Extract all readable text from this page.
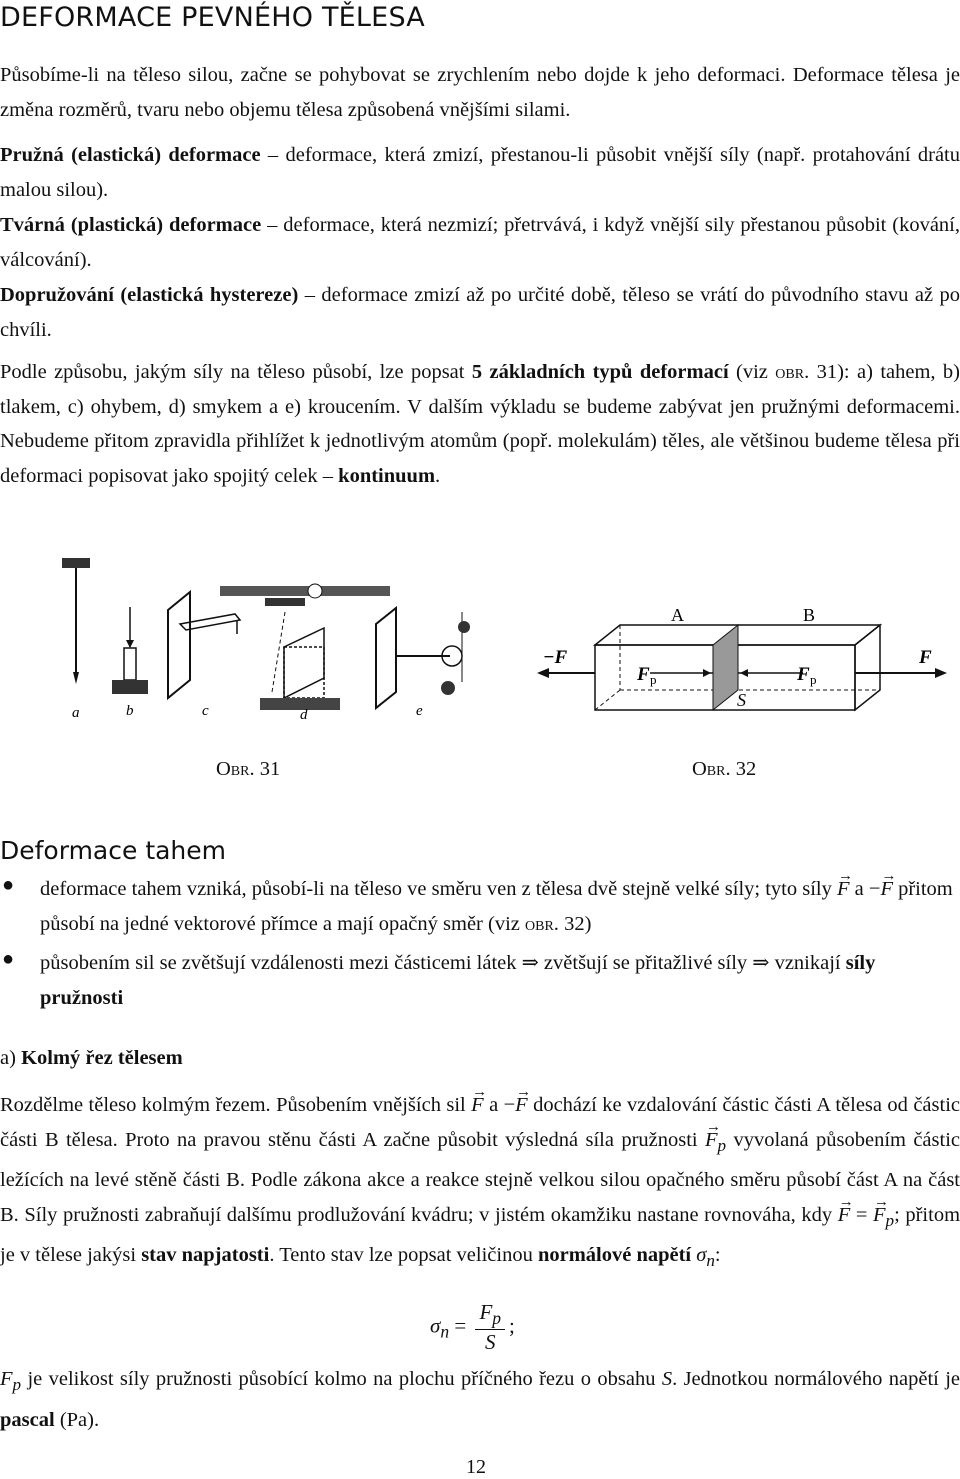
DEFORMACE PEVNÉHO TĚLESA
Působíme-li na těleso silou, začne se pohybovat se zrychlením nebo dojde k jeho deformaci. Deformace tělesa je změna rozměrů, tvaru nebo objemu tělesa způsobená vnějšími silami.
Pružná (elastická) deformace – deformace, která zmizí, přestanou-li působit vnější síly (např. protahování drátu malou silou).
Tvárná (plastická) deformace – deformace, která nezmizí; přetrvává, i když vnější sily přestanou působit (kování, válcování).
Dopružování (elastická hystereze) – deformace zmizí až po určité době, těleso se vrátí do původního stavu až po chvíli.
Podle způsobu, jakým síly na těleso působí, lze popsat 5 základních typů deformací (viz obr. 31): a) tahem, b) tlakem, c) ohybem, d) smykem a e) kroucením. V dalším výkladu se budeme zabývat jen pružnými deformacemi. Nebudeme přitom zpravidla přihlížet k jednotlivým atomům (popř. molekulám) těles, ale většinou budeme tělesa při deformaci popisovat jako spojitý celek – kontinuum.
a	b	c	d	e
A	B
−F	F
F p	F p
S
Obr. 31	Obr. 32
Deformace tahem
● deformace tahem vzniká, působí-li na těleso ve směru ven z tělesa dvě stejně velké síly; tyto síly → F a −→ F přitom působí na jedné vektorové přímce a mají opačný směr (viz obr. 32)
● působením sil se zvětšují vzdálenosti mezi částicemi látek ⇒ zvětšují se přitažlivé síly ⇒ vznikají síly pružnosti
a) Kolmý řez tělesem
Rozdělme těleso kolmým řezem. Působením vnějších sil → F a −→ F dochází ke vzdalování částic části A tělesa od částic části B tělesa. Proto na pravou stěnu části A začne působit výsledná síla pružnosti → $F_p$ vyvolaná působením částic ležících na levé stěně části B. Podle zákona akce a reakce stejně velkou silou opačného směru působí část A na část B. Síly pružnosti zabraňují dalšímu prodlužování kvádru; v jistém okamžiku nastane rovnováha, kdy → F = → $F_p$; přitom je v tělese jakýsi stav napjatosti. Tento stav lze popsat veličinou normálové napětí $\sigma_n$:
$\sigma_n = \frac{F_p}{S}$ ;
$F_p$ je velikost síly pružnosti působící kolmo na plochu příčného řezu o obsahu S. Jednotkou normálového napětí je pascal (Pa).
12
